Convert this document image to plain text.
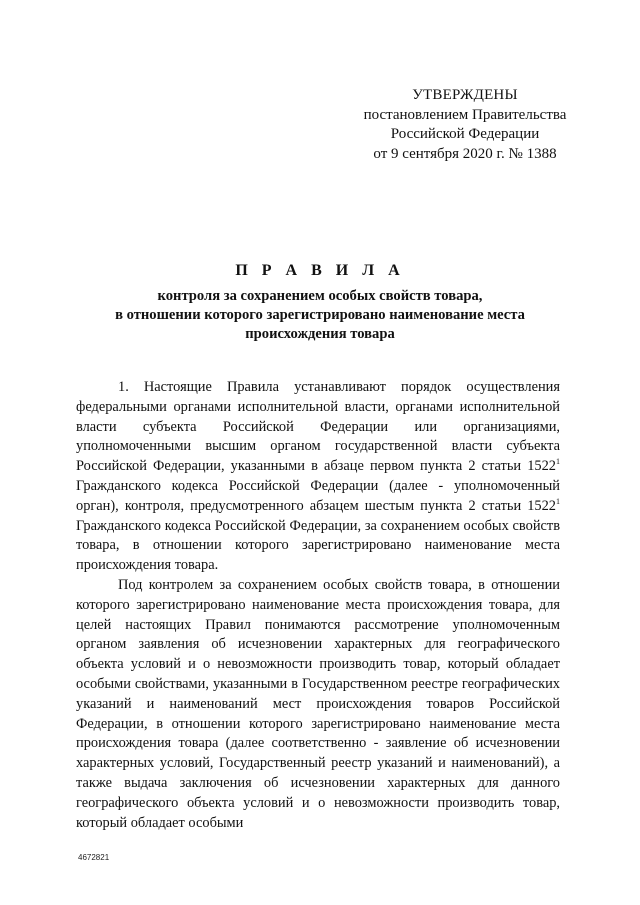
УТВЕРЖДЕНЫ
постановлением Правительства
Российской Федерации
от 9 сентября 2020 г. № 1388
П Р А В И Л А
контроля за сохранением особых свойств товара,
в отношении которого зарегистрировано наименование места
происхождения товара

1. Настоящие Правила устанавливают порядок осуществления федеральными органами исполнительной власти, органами исполнительной власти субъекта Российской Федерации или организациями, уполномоченными высшим органом государственной власти субъекта Российской Федерации, указанными в абзаце первом пункта 2 статьи 1522$^1$ Гражданского кодекса Российской Федерации (далее - уполномоченный орган), контроля, предусмотренного абзацем шестым пункта 2 статьи 1522$^1$ Гражданского кодекса Российской Федерации, за сохранением особых свойств товара, в отношении которого зарегистрировано наименование места происхождения товара.

Под контролем за сохранением особых свойств товара, в отношении которого зарегистрировано наименование места происхождения товара, для целей настоящих Правил понимаются рассмотрение уполномоченным органом заявления об исчезновении характерных для географического объекта условий и о невозможности производить товар, который обладает особыми свойствами, указанными в Государственном реестре географических указаний и наименований мест происхождения товаров Российской Федерации, в отношении которого зарегистрировано наименование места происхождения товара (далее соответственно - заявление об исчезновении характерных условий, Государственный реестр указаний и наименований), а также выдача заключения об исчезновении характерных для данного географического объекта условий и о невозможности производить товар, который обладает особыми

4672821
